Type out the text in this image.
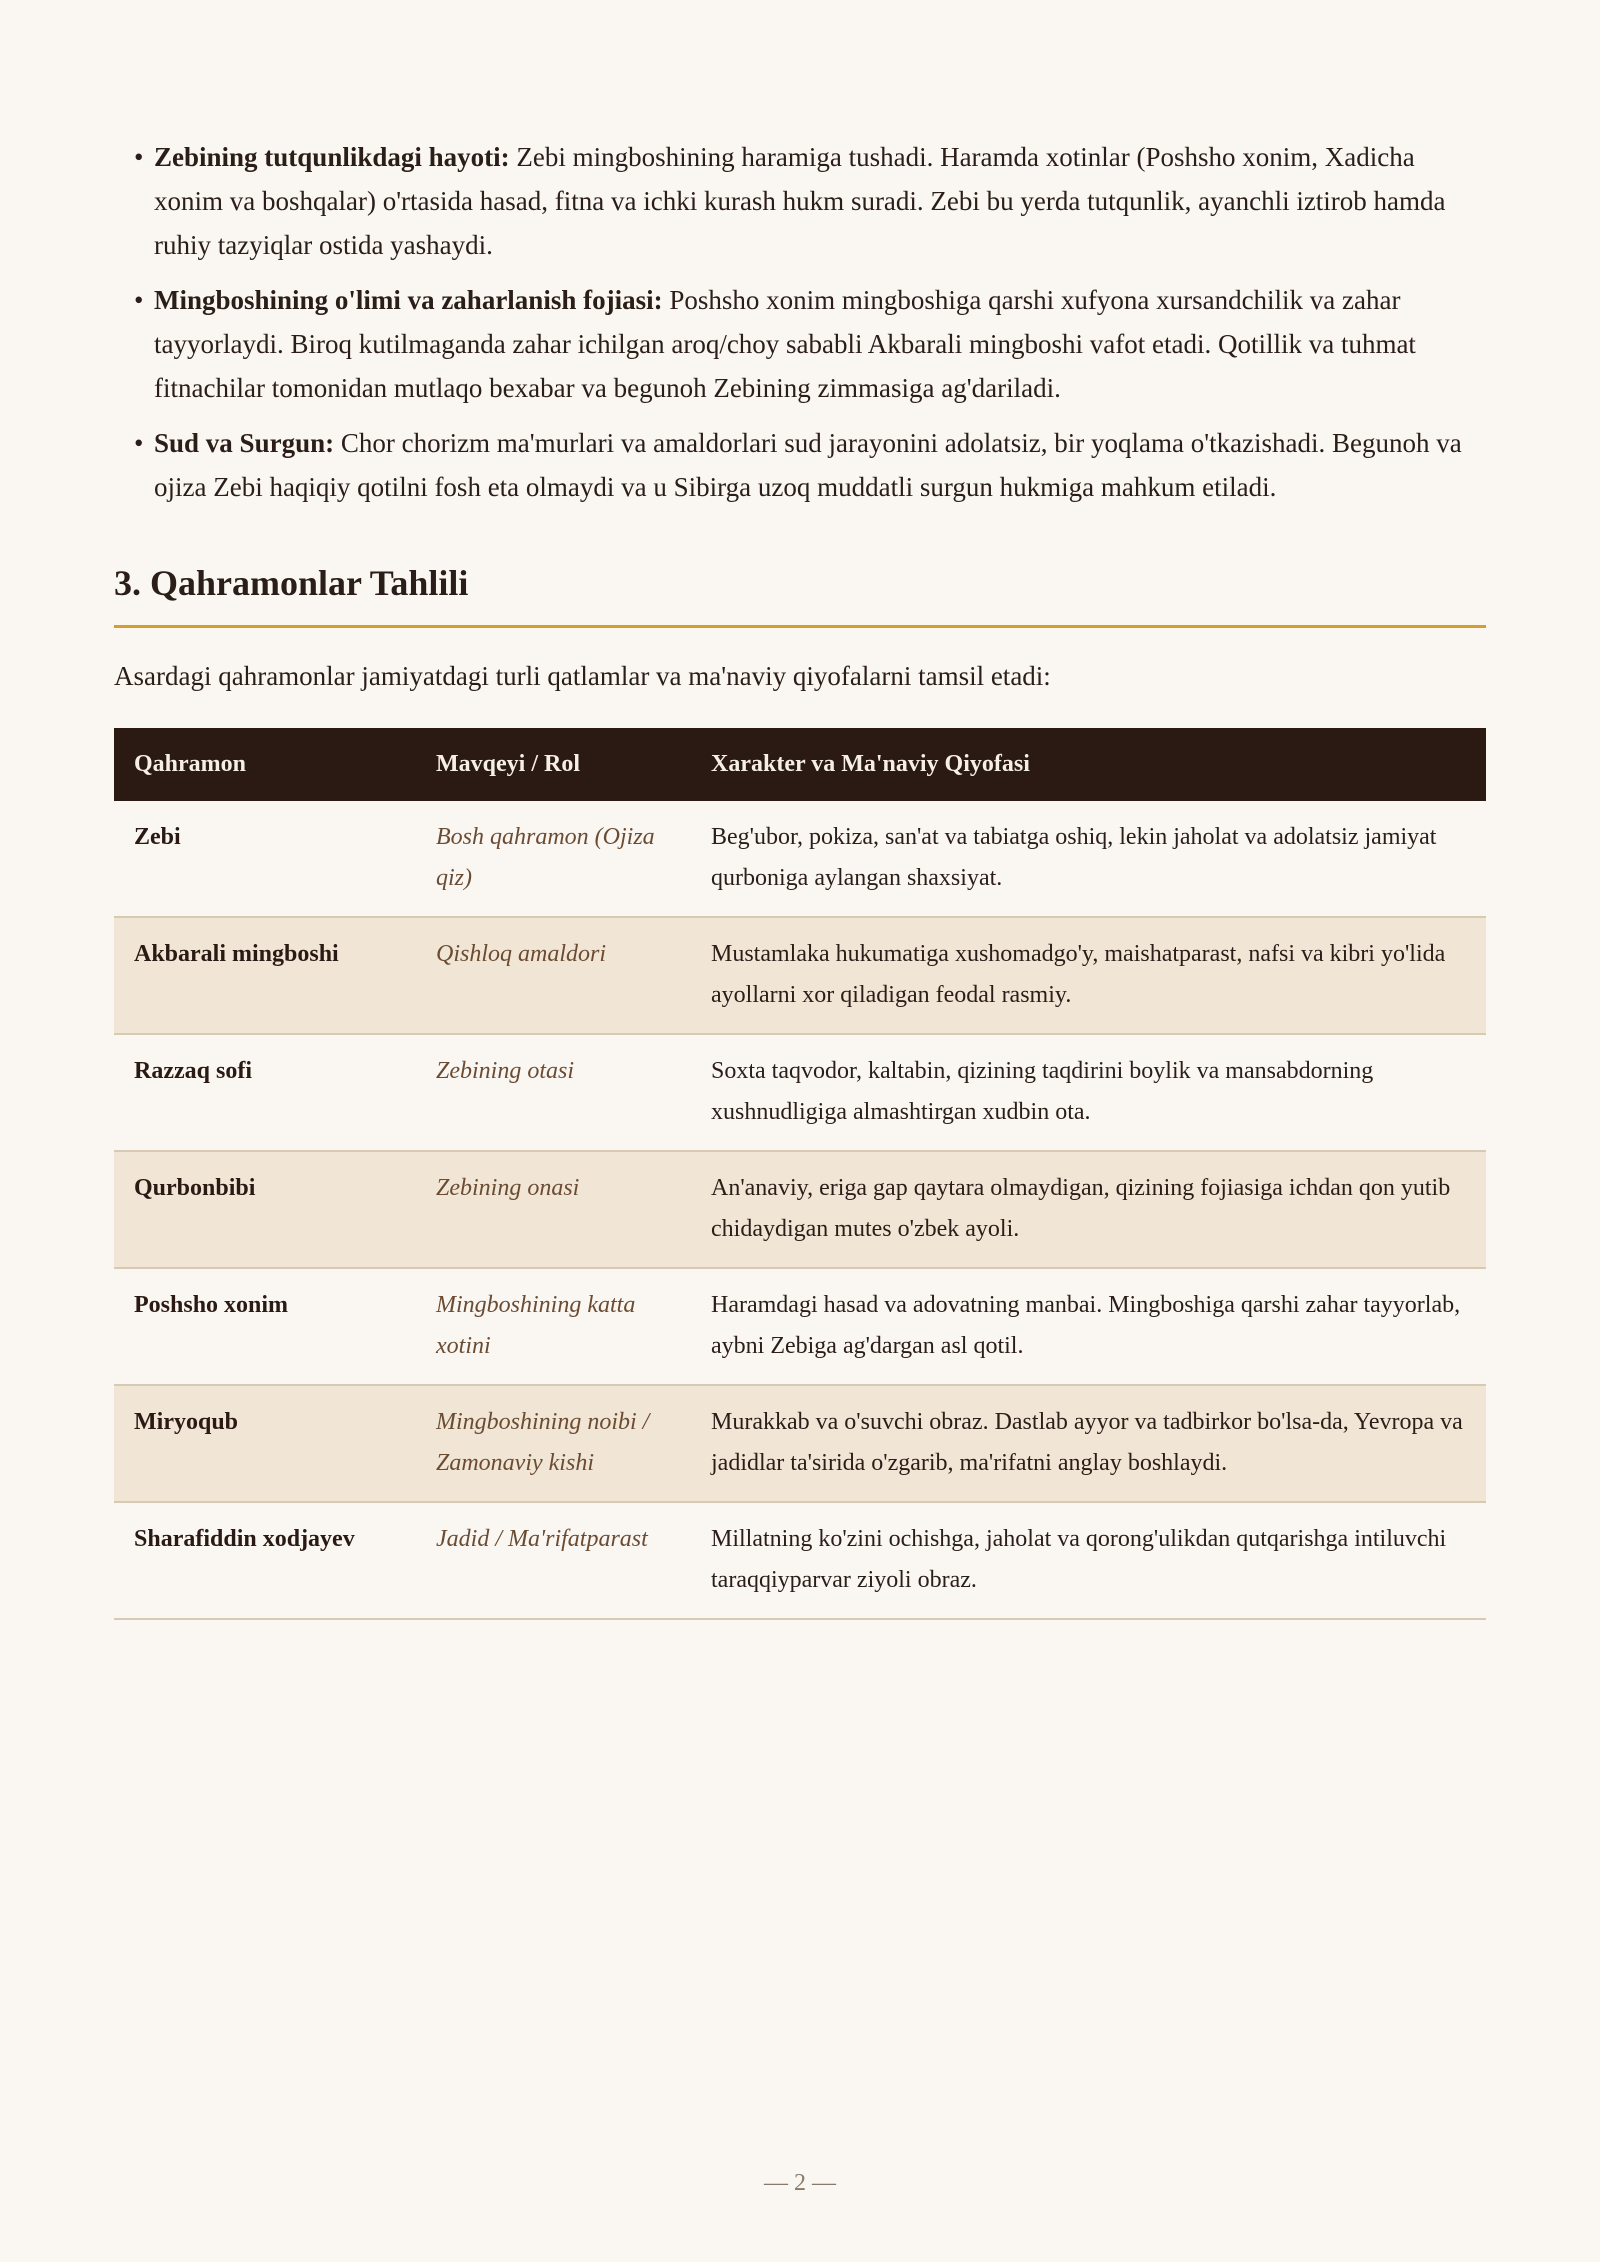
• Zebining tutqunlikdagi hayoti: Zebi mingboshining haramiga tushadi. Haramda xotinlar (Poshsho xonim, Xadicha xonim va boshqalar) o'rtasida hasad, fitna va ichki kurash hukm suradi. Zebi bu yerda tutqunlik, ayanchli iztirob hamda ruhiy tazyiqlar ostida yashaydi.
• Mingboshining o'limi va zaharlanish fojiasi: Poshsho xonim mingboshiga qarshi xufyona xursandchilik va zahar tayyorlaydi. Biroq kutilmaganda zahar ichilgan aroq/choy sababli Akbarali mingboshi vafot etadi. Qotillik va tuhmat fitnachilar tomonidan mutlaqo bexabar va begunoh Zebining zimmasiga ag'dariladi.
• Sud va Surgun: Chor chorizm ma'murlari va amaldorlari sud jarayonini adolatsiz, bir yoqlama o'tkazishadi. Begunoh va ojiza Zebi haqiqiy qotilni fosh eta olmaydi va u Sibirga uzoq muddatli surgun hukmiga mahkum etiladi.
3. Qahramonlar Tahlili

Asardagi qahramonlar jamiyatdagi turli qatlamlar va ma'naviy qiyofalarni tamsil etadi:

Qahramon	Mavqeyi / Rol	Xarakter va Ma'naviy Qiyofasi
Zebi	Bosh qahramon (Ojiza qiz)	Beg'ubor, pokiza, san'at va tabiatga oshiq, lekin jaholat va adolatsiz jamiyat qurboniga aylangan shaxsiyat.
Akbarali mingboshi	Qishloq amaldori	Mustamlaka hukumatiga xushomadgo'y, maishatparast, nafsi va kibri yo'lida ayollarni xor qiladigan feodal rasmiy.
Razzaq sofi	Zebining otasi	Soxta taqvodor, kaltabin, qizining taqdirini boylik va mansabdorning xushnudligiga almashtirgan xudbin ota.
Qurbonbibi	Zebining onasi	An'anaviy, eriga gap qaytara olmaydigan, qizining fojiasiga ichdan qon yutib chidaydigan mutes o'zbek ayoli.
Poshsho xonim	Mingboshining katta xotini	Haramdagi hasad va adovatning manbai. Mingboshiga qarshi zahar tayyorlab, aybni Zebiga ag'dargan asl qotil.
Miryoqub	Mingboshining noibi / Zamonaviy kishi	Murakkab va o'suvchi obraz. Dastlab ayyor va tadbirkor bo'lsa-da, Yevropa va jadidlar ta'sirida o'zgarib, ma'rifatni anglay boshlaydi.
Sharafiddin xodjayev	Jadid / Ma'rifatparast	Millatning ko'zini ochishga, jaholat va qorong'ulikdan qutqarishga intiluvchi taraqqiyparvar ziyoli obraz.
— 2 —
